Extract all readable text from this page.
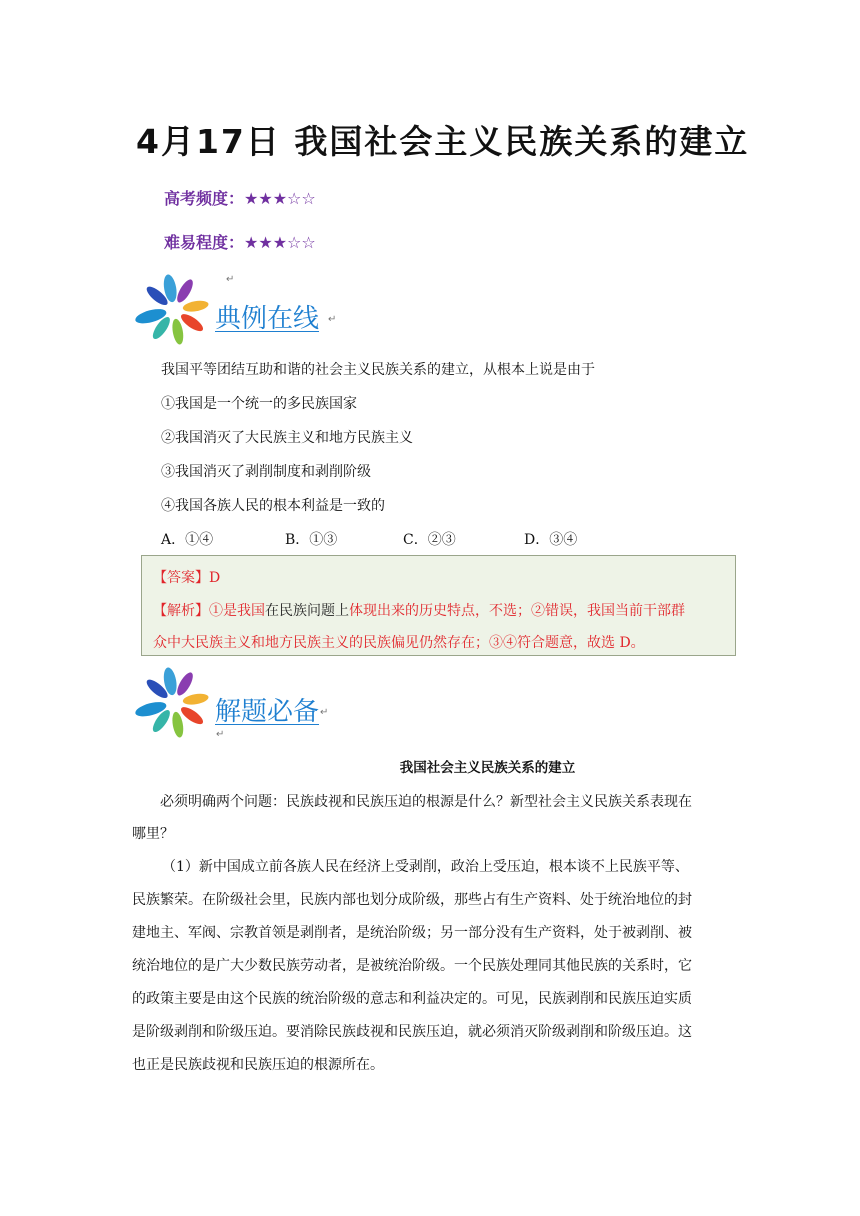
4月17日 我国社会主义民族关系的建立
高考频度：★★★☆☆
难易程度：★★★☆☆
↵
典例在线 ↵
我国平等团结互助和谐的社会主义民族关系的建立，从根本上说是由于
①我国是一个统一的多民族国家
②我国消灭了大民族主义和地方民族主义
③我国消灭了剥削制度和剥削阶级
④我国各族人民的根本利益是一致的
A．①④	B．①③	C．②③	D．③④
【答案】D
【解析】①是我国在民族问题上体现出来的历史特点，不选；②错误，我国当前干部群
众中大民族主义和地方民族主义的民族偏见仍然存在；③④符合题意，故选 D。
解题必备 ↵
↵
我国社会主义民族关系的建立
必须明确两个问题：民族歧视和民族压迫的根源是什么？新型社会主义民族关系表现在
哪里？
（1）新中国成立前各族人民在经济上受剥削，政治上受压迫，根本谈不上民族平等、
民族繁荣。在阶级社会里，民族内部也划分成阶级，那些占有生产资料、处于统治地位的封
建地主、军阀、宗教首领是剥削者，是统治阶级；另一部分没有生产资料，处于被剥削、被
统治地位的是广大少数民族劳动者，是被统治阶级。一个民族处理同其他民族的关系时，它
的政策主要是由这个民族的统治阶级的意志和利益决定的。可见，民族剥削和民族压迫实质
是阶级剥削和阶级压迫。要消除民族歧视和民族压迫，就必须消灭阶级剥削和阶级压迫。这
也正是民族歧视和民族压迫的根源所在。
